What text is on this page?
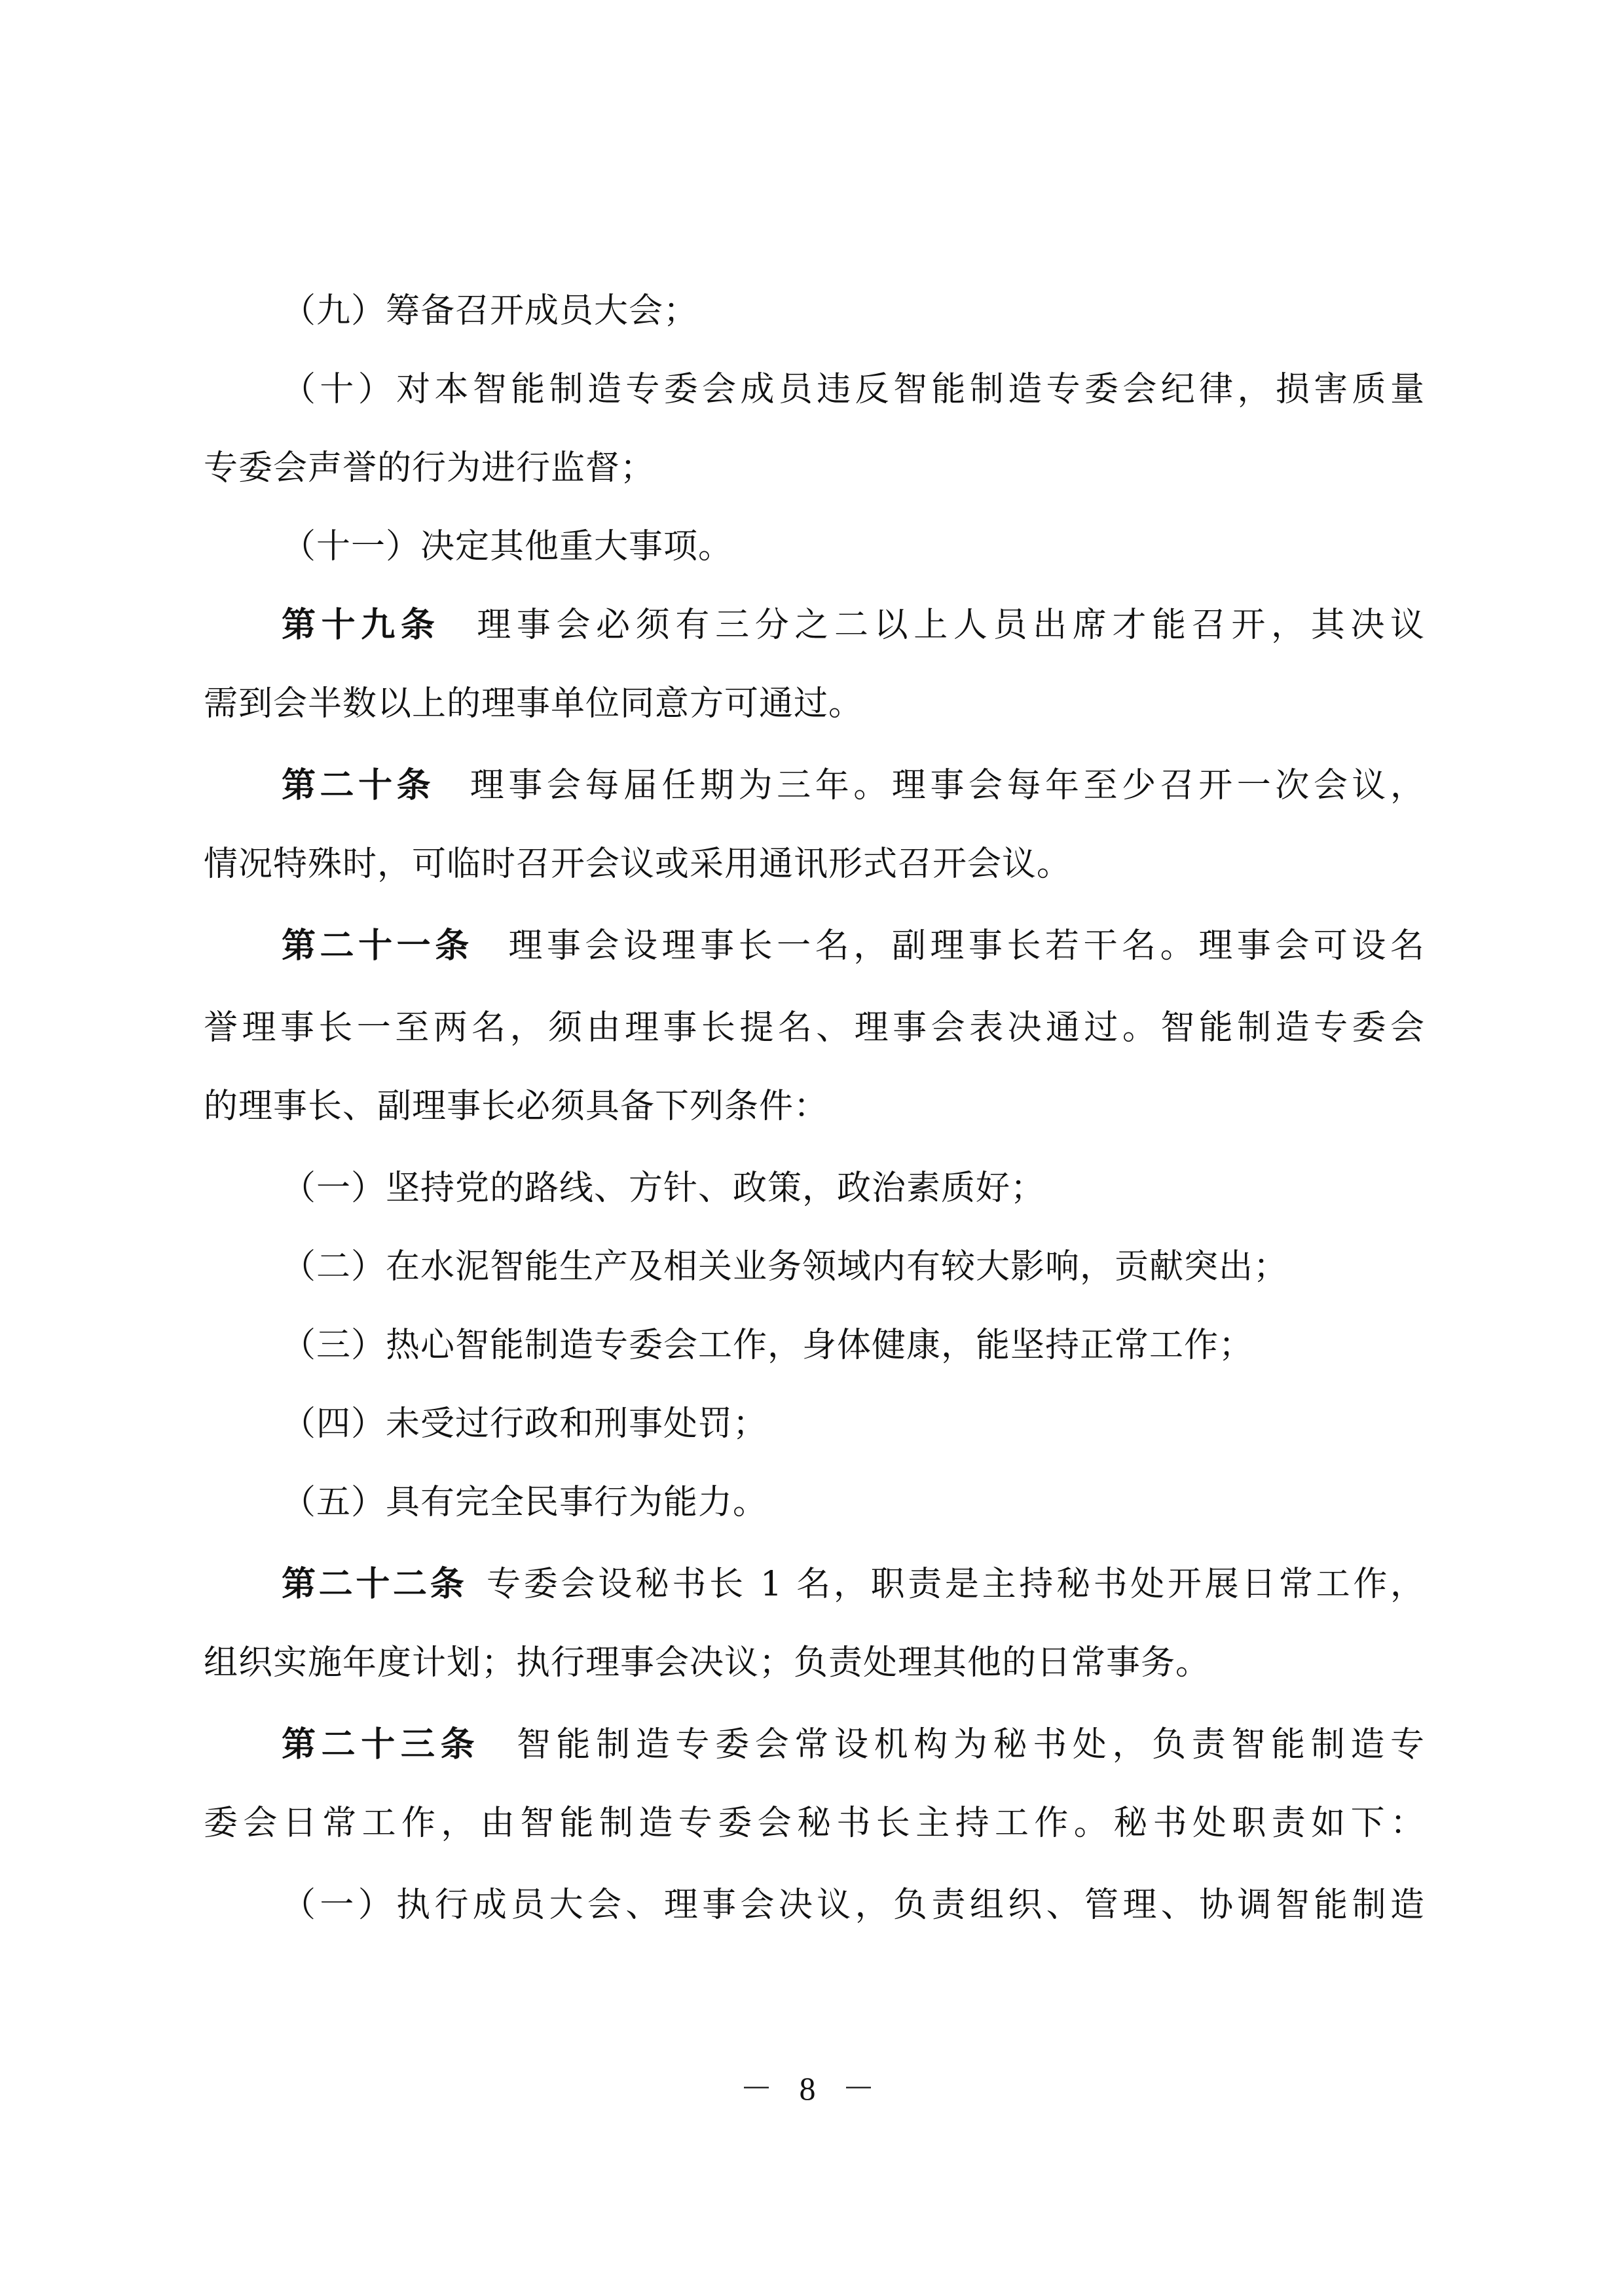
（九）筹备召开成员大会；
（十）对本智能制造专委会成员违反智能制造专委会纪律，损害质量
专委会声誉的行为进行监督；
（十一）决定其他重大事项。
第十九条 理事会必须有三分之二以上人员出席才能召开，其决议
需到会半数以上的理事单位同意方可通过。
第二十条 理事会每届任期为三年。理事会每年至少召开一次会议，
情况特殊时，可临时召开会议或采用通讯形式召开会议。
第二十一条 理事会设理事长一名，副理事长若干名。理事会可设名
誉理事长一至两名，须由理事长提名、理事会表决通过。智能制造专委会
的理事长、副理事长必须具备下列条件：
（一）坚持党的路线、方针、政策，政治素质好；
（二）在水泥智能生产及相关业务领域内有较大影响，贡献突出；
（三）热心智能制造专委会工作，身体健康，能坚持正常工作；
（四）未受过行政和刑事处罚；
（五）具有完全民事行为能力。
第二十二条 专委会设秘书长 1 名，职责是主持秘书处开展日常工作，
组织实施年度计划；执行理事会决议；负责处理其他的日常事务。
第二十三条 智能制造专委会常设机构为秘书处，负责智能制造专
委会日常工作，由智能制造专委会秘书长主持工作。秘书处职责如下：
（一）执行成员大会、理事会决议，负责组织、管理、协调智能制造
－ 8 －
